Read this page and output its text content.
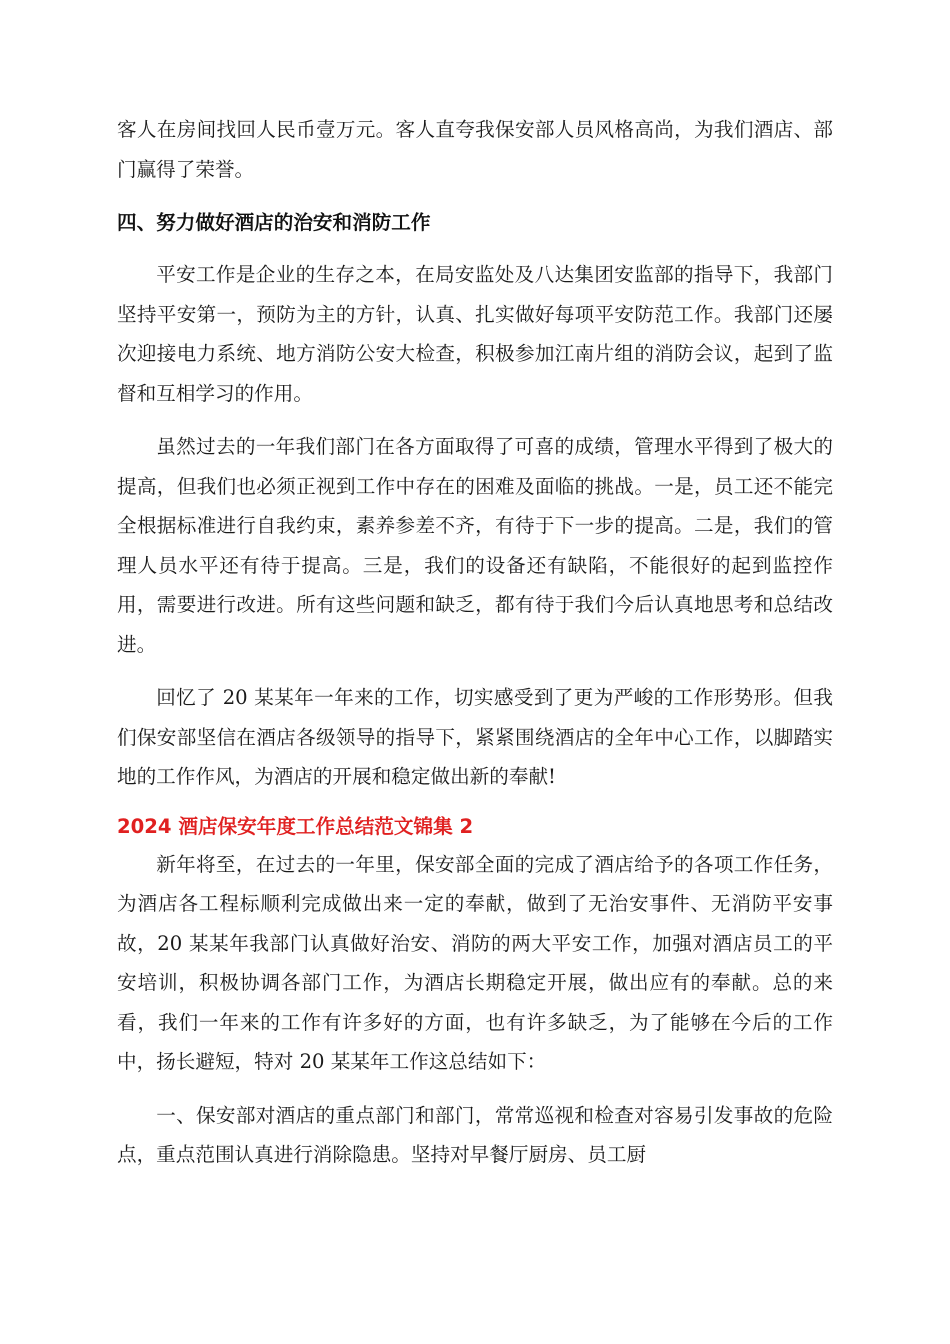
客人在房间找回人民币壹万元。客人直夸我保安部人员风格高尚，为我们酒店、部门赢得了荣誉。

四、努力做好酒店的治安和消防工作

平安工作是企业的生存之本，在局安监处及八达集团安监部的指导下，我部门坚持平安第一，预防为主的方针，认真、扎实做好每项平安防范工作。我部门还屡次迎接电力系统、地方消防公安大检查，积极参加江南片组的消防会议，起到了监督和互相学习的作用。

虽然过去的一年我们部门在各方面取得了可喜的成绩，管理水平得到了极大的提高，但我们也必须正视到工作中存在的困难及面临的挑战。一是，员工还不能完全根据标准进行自我约束，素养参差不齐，有待于下一步的提高。二是，我们的管理人员水平还有待于提高。三是，我们的设备还有缺陷，不能很好的起到监控作用，需要进行改进。所有这些问题和缺乏，都有待于我们今后认真地思考和总结改进。

回忆了 20 某某年一年来的工作，切实感受到了更为严峻的工作形势形。但我们保安部坚信在酒店各级领导的指导下，紧紧围绕酒店的全年中心工作，以脚踏实地的工作作风，为酒店的开展和稳定做出新的奉献!

2024 酒店保安年度工作总结范文锦集 2

新年将至，在过去的一年里，保安部全面的完成了酒店给予的各项工作任务，为酒店各工程标顺利完成做出来一定的奉献，做到了无治安事件、无消防平安事故，20 某某年我部门认真做好治安、消防的两大平安工作，加强对酒店员工的平安培训，积极协调各部门工作，为酒店长期稳定开展，做出应有的奉献。总的来看，我们一年来的工作有许多好的方面，也有许多缺乏，为了能够在今后的工作中，扬长避短，特对 20 某某年工作这总结如下：

一、保安部对酒店的重点部门和部门，常常巡视和检查对容易引发事故的危险点，重点范围认真进行消除隐患。坚持对早餐厅厨房、员工厨
